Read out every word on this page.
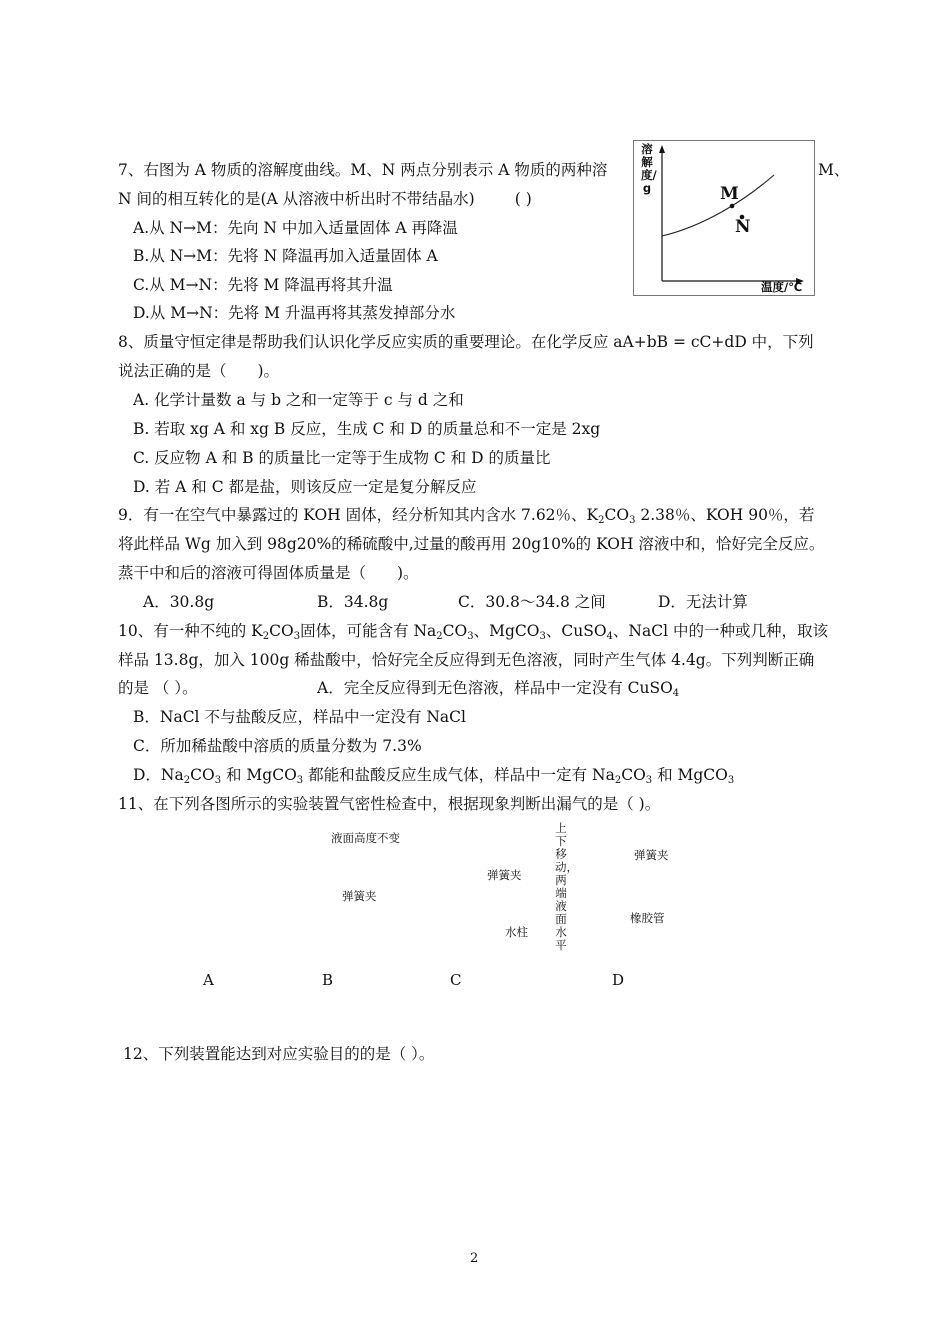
7、右图为 A 物质的溶解度曲线。M、N 两点分别表示 A 物质的两种溶	M、
N 间的相互转化的是(A 从溶液中析出时不带结晶水)	( )
A.从 N→M：先向 N 中加入适量固体 A 再降温
B.从 N→M：先将 N 降温再加入适量固体 A
C.从 M→N：先将 M 降温再将其升温
D.从 M→N：先将 M 升温再将其蒸发掉部分水
溶解度/g
温度/℃
M
N
8、质量守恒定律是帮助我们认识化学反应实质的重要理论。在化学反应 aA+bB = cC+dD 中，下列
说法正确的是（　　)。
A. 化学计量数 a 与 b 之和一定等于 c 与 d 之和
B. 若取 xg A 和 xg B 反应，生成 C 和 D 的质量总和不一定是 2xg
C. 反应物 A 和 B 的质量比一定等于生成物 C 和 D 的质量比
D. 若 A 和 C 都是盐，则该反应一定是复分解反应
9．有一在空气中暴露过的 KOH 固体，经分析知其内含水 7.62％、$K_2CO_3$ 2.38％、KOH 90％，若
将此样品 Wg 加入到 98g20%的稀硫酸中,过量的酸再用 20g10%的 KOH 溶液中和，恰好完全反应。
蒸干中和后的溶液可得固体质量是（　　)。
A．30.8g	B．34.8g	C．30.8～34.8 之间	D．无法计算
10、有一种不纯的 $K_2CO_3$固体，可能含有 $Na_2CO_3$、MgCO$_3$、CuSO$_4$、NaCl 中的一种或几种，取该
样品 13.8g，加入 100g 稀盐酸中，恰好完全反应得到无色溶液，同时产生气体 4.4g。下列判断正确
的是 （ ）。	A．完全反应得到无色溶液，样品中一定没有 CuSO$_4$
B．NaCl 不与盐酸反应，样品中一定没有 NaCl
C．所加稀盐酸中溶质的质量分数为 7.3%
D．$Na_2CO_3$ 和 MgCO$_3$ 都能和盐酸反应生成气体，样品中一定有 $Na_2CO_3$ 和 MgCO$_3$
11、在下列各图所示的实验装置气密性检查中，根据现象判断出漏气的是（ )。
液面高度不变
弹簧夹
弹簧夹
水柱
上下移动，两端液面水平
弹簧夹
橡胶管
A	B	C	D
12、下列装置能达到对应实验目的的是（ ）。
2
